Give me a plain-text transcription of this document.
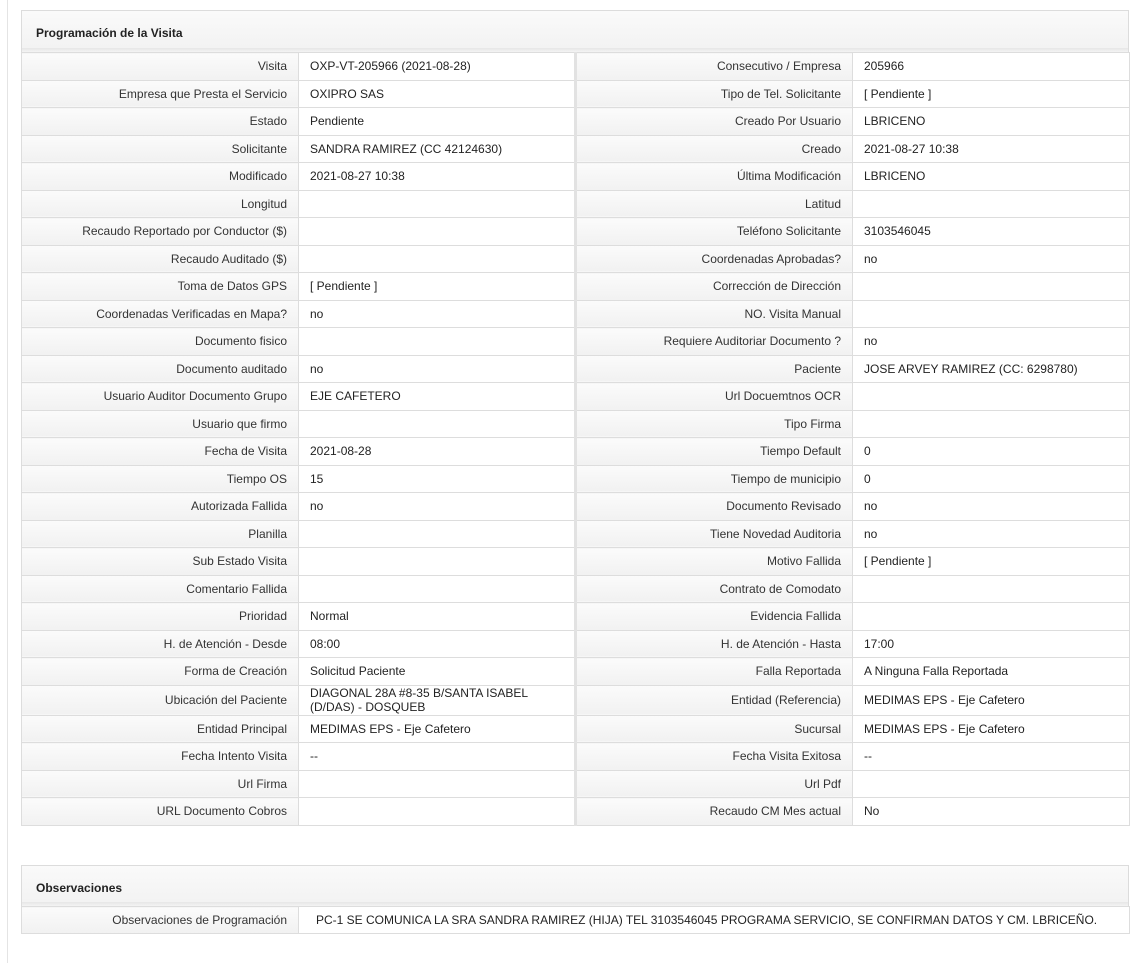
Programación de la Visita
Visita	OXP-VT-205966 (2021-08-28)	Consecutivo / Empresa	205966
Empresa que Presta el Servicio	OXIPRO SAS	Tipo de Tel. Solicitante	[ Pendiente ]
Estado	Pendiente	Creado Por Usuario	LBRICENO
Solicitante	SANDRA RAMIREZ (CC 42124630)	Creado	2021-08-27 10:38
Modificado	2021-08-27 10:38	Última Modificación	LBRICENO
Longitud		Latitud	
Recaudo Reportado por Conductor ($)		Teléfono Solicitante	3103546045
Recaudo Auditado ($)		Coordenadas Aprobadas?	no
Toma de Datos GPS	[ Pendiente ]	Corrección de Dirección	
Coordenadas Verificadas en Mapa?	no	NO. Visita Manual	
Documento fisico		Requiere Auditoriar Documento ?	no
Documento auditado	no	Paciente	JOSE ARVEY RAMIREZ (CC: 6298780)
Usuario Auditor Documento Grupo	EJE CAFETERO	Url Docuemtnos OCR	
Usuario que firmo		Tipo Firma	
Fecha de Visita	2021-08-28	Tiempo Default	0
Tiempo OS	15	Tiempo de municipio	0
Autorizada Fallida	no	Documento Revisado	no
Planilla		Tiene Novedad Auditoria	no
Sub Estado Visita		Motivo Fallida	[ Pendiente ]
Comentario Fallida		Contrato de Comodato	
Prioridad	Normal	Evidencia Fallida	
H. de Atención - Desde	08:00	H. de Atención - Hasta	17:00
Forma de Creación	Solicitud Paciente	Falla Reportada	A Ninguna Falla Reportada
Ubicación del Paciente	DIAGONAL 28A #8-35 B/SANTA ISABEL (D/DAS) - DOSQUEB	Entidad (Referencia)	MEDIMAS EPS - Eje Cafetero
Entidad Principal	MEDIMAS EPS - Eje Cafetero	Sucursal	MEDIMAS EPS - Eje Cafetero
Fecha Intento Visita	--	Fecha Visita Exitosa	--
Url Firma		Url Pdf	
URL Documento Cobros		Recaudo CM Mes actual	No
Observaciones
Observaciones de Programación	PC-1 SE COMUNICA LA SRA SANDRA RAMIREZ (HIJA) TEL 3103546045 PROGRAMA SERVICIO, SE CONFIRMAN DATOS Y CM. LBRICEÑO.
